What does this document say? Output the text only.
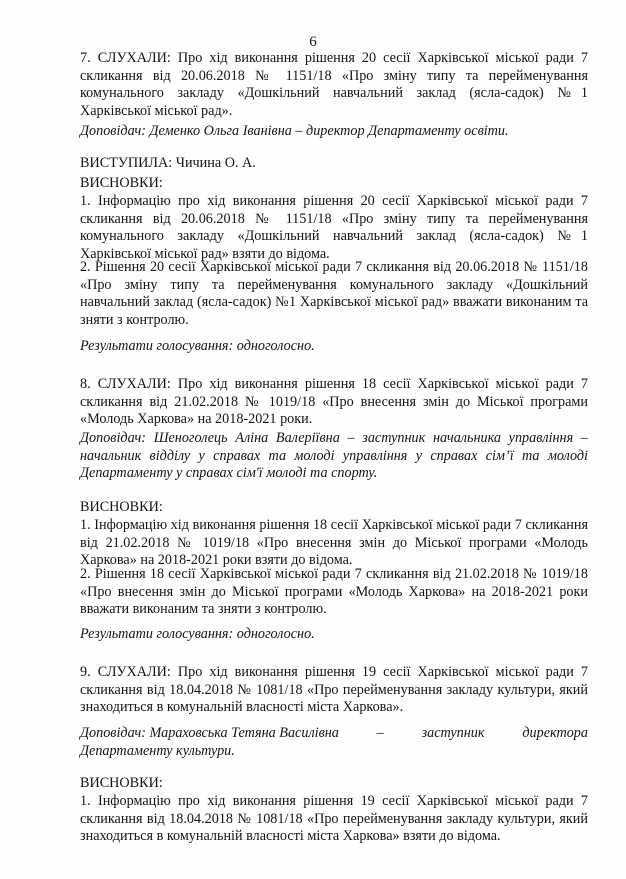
6

7. СЛУХАЛИ: Про хід виконання рішення 20 сесії Харківської міської ради 7 скликання від 20.06.2018 № 1151/18 «Про зміну типу та перейменування комунального закладу «Дошкільний навчальний заклад (ясла-садок) №1 Харківської міської рад».

Доповідач: Деменко Ольга Іванівна – директор Департаменту освіти.

ВИСТУПИЛА: Чичина О. А.

ВИСНОВКИ:

1. Інформацію про хід виконання рішення 20 сесії Харківської міської ради 7 скликання від 20.06.2018 № 1151/18 «Про зміну типу та перейменування комунального закладу «Дошкільний навчальний заклад (ясла-садок) №1 Харківської міської рад» взяти до відома.

2. Рішення 20 сесії Харківської міської ради 7 скликання від 20.06.2018 № 1151/18 «Про зміну типу та перейменування комунального закладу «Дошкільний навчальний заклад (ясла-садок) №1 Харківської міської рад» вважати виконаним та зняти з контролю.

Результати голосування: одноголосно.

8. СЛУХАЛИ: Про хід виконання рішення 18 сесії Харківської міської ради 7 скликання від 21.02.2018 № 1019/18 «Про внесення змін до Міської програми «Молодь Харкова» на 2018-2021 роки.

Доповідач: Шеноголець Аліна Валеріївна – заступник начальника управління – начальник відділу у справах та молоді управління у справах сім’ї та молоді Департаменту у справах сім'ї молоді та спорту.

ВИСНОВКИ:

1. Інформацію хід виконання рішення 18 сесії Харківської міської ради 7 скликання від 21.02.2018 № 1019/18 «Про внесення змін до Міської програми «Молодь Харкова» на 2018-2021 роки взяти до відома.

2. Рішення 18 сесії Харківської міської ради 7 скликання від 21.02.2018 № 1019/18 «Про внесення змін до Міської програми «Молодь Харкова» на 2018-2021 роки вважати виконаним та зняти з контролю.

Результати голосування: одноголосно.

9. СЛУХАЛИ: Про хід виконання рішення 19 сесії Харківської міської ради 7 скликання від 18.04.2018 № 1081/18 «Про перейменування закладу культури, який знаходиться в комунальній власності міста Харкова».

Доповідач: Мараховська Тетяна Василівна	–	заступник	директора

Департаменту культури.

ВИСНОВКИ:

1. Інформацію про хід виконання рішення 19 сесії Харківської міської ради 7 скликання від 18.04.2018 № 1081/18 «Про перейменування закладу культури, який знаходиться в комунальній власності міста Харкова» взяти до відома.
